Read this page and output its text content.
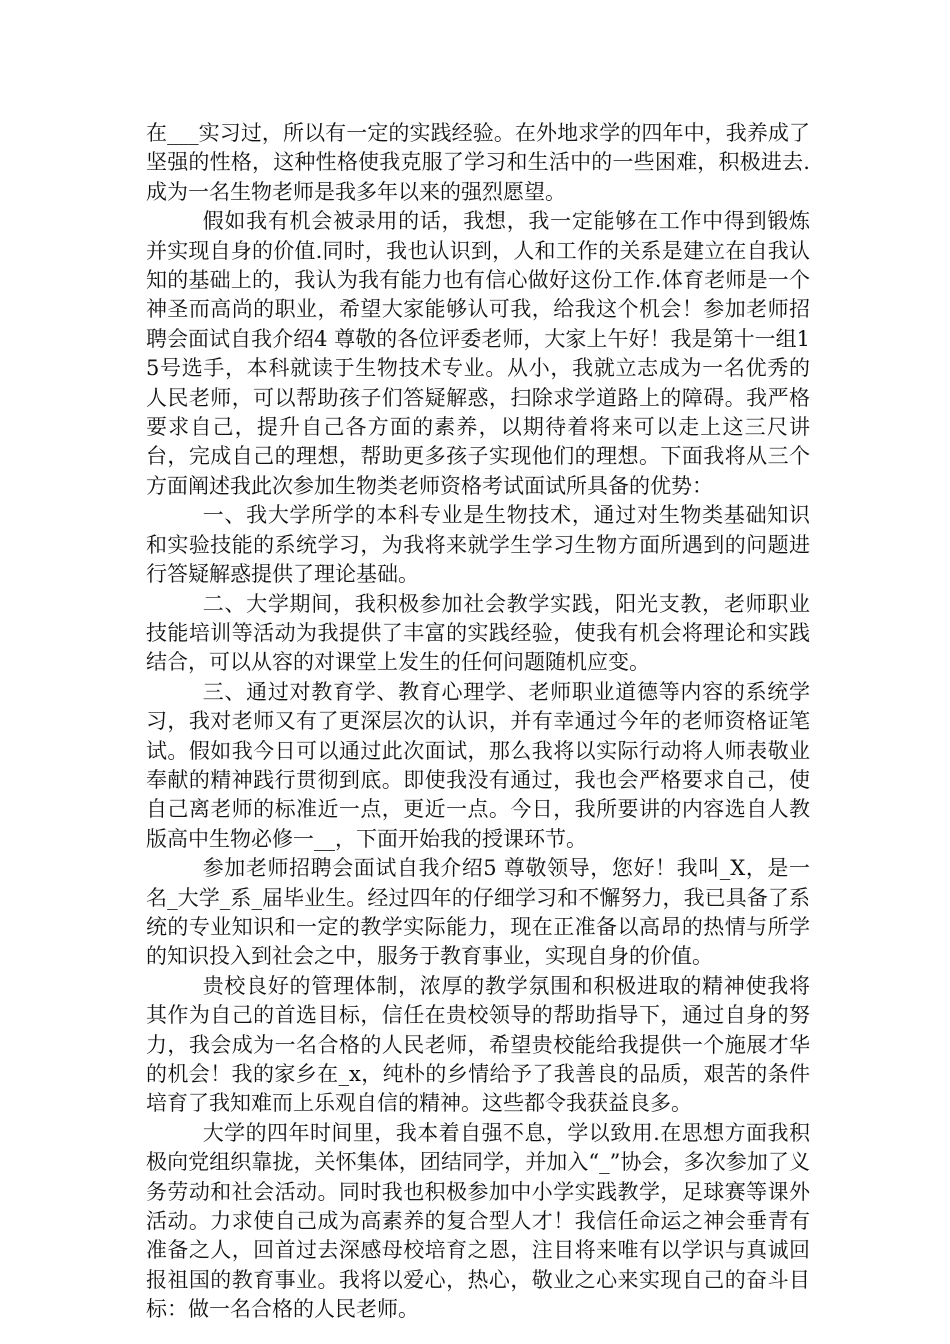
在___实习过，所以有一定的实践经验。在外地求学的四年中，我养成了坚强的性格，这种性格使我克服了学习和生活中的一些困难，积极进去.成为一名生物老师是我多年以来的强烈愿望。

假如我有机会被录用的话，我想，我一定能够在工作中得到锻炼并实现自身的价值.同时，我也认识到，人和工作的关系是建立在自我认知的基础上的，我认为我有能力也有信心做好这份工作.体育老师是一个神圣而高尚的职业，希望大家能够认可我，给我这个机会！参加老师招聘会面试自我介绍4 尊敬的各位评委老师，大家上午好！我是第十一组15号选手，本科就读于生物技术专业。从小，我就立志成为一名优秀的人民老师，可以帮助孩子们答疑解惑，扫除求学道路上的障碍。我严格要求自己，提升自己各方面的素养，以期待着将来可以走上这三尺讲台，完成自己的理想，帮助更多孩子实现他们的理想。下面我将从三个方面阐述我此次参加生物类老师资格考试面试所具备的优势：

一、我大学所学的本科专业是生物技术，通过对生物类基础知识和实验技能的系统学习，为我将来就学生学习生物方面所遇到的问题进行答疑解惑提供了理论基础。

二、大学期间，我积极参加社会教学实践，阳光支教，老师职业技能培训等活动为我提供了丰富的实践经验，使我有机会将理论和实践结合，可以从容的对课堂上发生的任何问题随机应变。

三、通过对教育学、教育心理学、老师职业道德等内容的系统学习，我对老师又有了更深层次的认识，并有幸通过今年的老师资格证笔试。假如我今日可以通过此次面试，那么我将以实际行动将人师表敬业奉献的精神践行贯彻到底。即使我没有通过，我也会严格要求自己，使自己离老师的标准近一点，更近一点。今日，我所要讲的内容选自人教版高中生物必修一__，下面开始我的授课环节。

参加老师招聘会面试自我介绍5 尊敬领导，您好！我叫_X，是一名_大学_系_届毕业生。经过四年的仔细学习和不懈努力，我已具备了系统的专业知识和一定的教学实际能力，现在正准备以高昂的热情与所学的知识投入到社会之中，服务于教育事业，实现自身的价值。

贵校良好的管理体制，浓厚的教学氛围和积极进取的精神使我将其作为自己的首选目标，信任在贵校领导的帮助指导下，通过自身的努力，我会成为一名合格的人民老师，希望贵校能给我提供一个施展才华的机会！我的家乡在_x，纯朴的乡情给予了我善良的品质，艰苦的条件培育了我知难而上乐观自信的精神。这些都令我获益良多。

大学的四年时间里，我本着自强不息，学以致用.在思想方面我积极向党组织靠拢，关怀集体，团结同学，并加入“_”协会，多次参加了义务劳动和社会活动。同时我也积极参加中小学实践教学，足球赛等课外活动。力求使自己成为高素养的复合型人才！我信任命运之神会垂青有准备之人，回首过去深感母校培育之恩，注目将来唯有以学识与真诚回报祖国的教育事业。我将以爱心，热心，敬业之心来实现自己的奋斗目标：做一名合格的人民老师。
